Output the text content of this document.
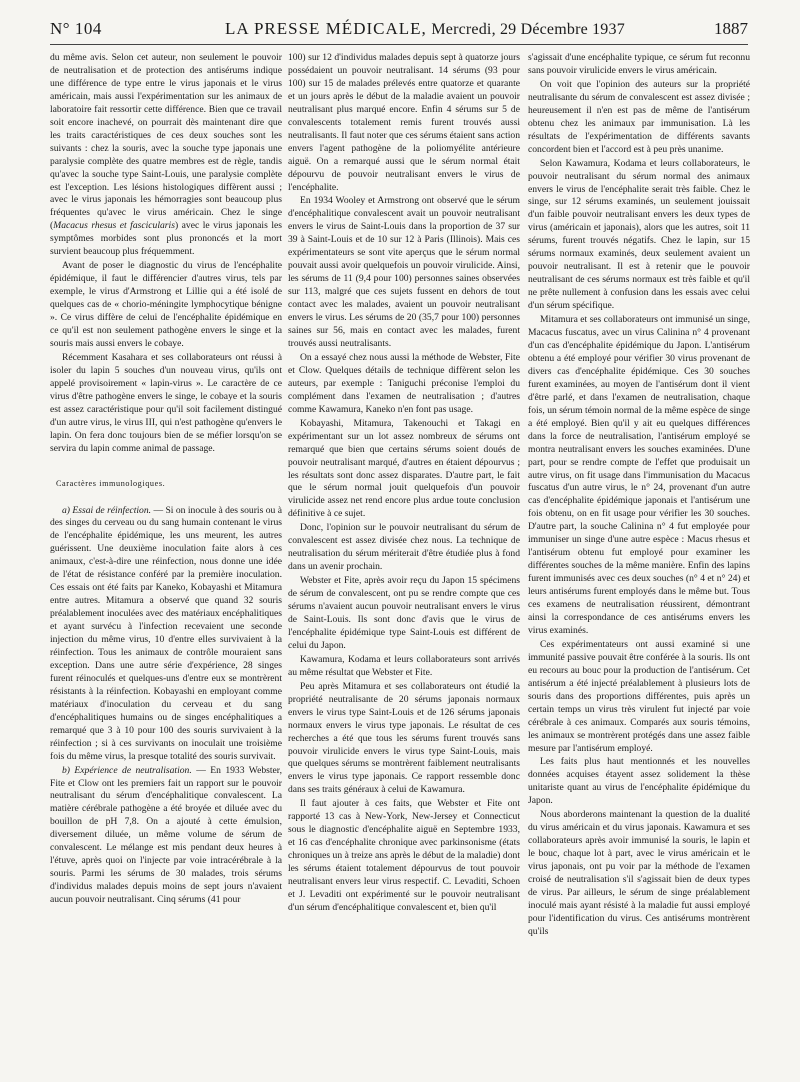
N° 104	LA PRESSE MÉDICALE, Mercredi, 29 Décembre 1937	1887

du même avis. Selon cet auteur, non seulement le pouvoir de neutralisation et de protection des antisérums indique une différence de type entre le virus japonais et le virus américain, mais aussi l'expérimentation sur les animaux de laboratoire fait ressortir cette différence. Bien que ce travail soit encore inachevé, on pourrait dès maintenant dire que les traits caractéristiques de ces deux souches sont les suivants : chez la souris, avec la souche type japonais une paralysie complète des quatre membres est de règle, tandis qu'avec la souche type Saint-Louis, une paralysie complète est l'exception. Les lésions histologiques diffèrent aussi ; avec le virus japonais les hémorragies sont beaucoup plus fréquentes qu'avec le virus américain. Chez le singe (Macacus rhesus et fascicularis) avec le virus japonais les symptômes morbides sont plus prononcés et la mort survient beaucoup plus fréquemment.

Avant de poser le diagnostic du virus de l'encéphalite épidémique, il faut le différencier d'autres virus, tels par exemple, le virus d'Armstrong et Lillie qui a été isolé de quelques cas de « chorio-méningite lymphocytique bénigne ». Ce virus diffère de celui de l'encéphalite épidémique en ce qu'il est non seulement pathogène envers le singe et la souris mais aussi envers le cobaye.

Récemment Kasahara et ses collaborateurs ont réussi à isoler du lapin 5 souches d'un nouveau virus, qu'ils ont appelé provisoirement « lapin-virus ». Le caractère de ce virus d'être pathogène envers le singe, le cobaye et la souris est assez caractéristique pour qu'il soit facilement distingué d'un autre virus, le virus III, qui n'est pathogène qu'envers le lapin. On fera donc toujours bien de se méfier lorsqu'on se servira du lapin comme animal de passage.

Caractères immunologiques.

a) Essai de réinfection. — Si on inocule à des souris ou à des singes du cerveau ou du sang humain contenant le virus de l'encéphalite épidémique, les uns meurent, les autres guérissent. Une deuxième inoculation faite alors à ces animaux, c'est-à-dire une réinfection, nous donne une idée de l'état de résistance conféré par la première inoculation. Ces essais ont été faits par Kaneko, Kobayashi et Mitamura entre autres. Mitamura a observé que quand 32 souris préalablement inoculées avec des matériaux encéphalitiques et ayant survécu à l'infection recevaient une seconde injection du même virus, 10 d'entre elles survivaient à la réinfection. Tous les animaux de contrôle mouraient sans exception. Dans une autre série d'expérience, 28 singes furent réinoculés et quelques-uns d'entre eux se montrèrent résistants à la réinfection. Kobayashi en employant comme matériaux d'inoculation du cerveau et du sang d'encéphalitiques humains ou de singes encéphalitiques a remarqué que 3 à 10 pour 100 des souris survivaient à la réinfection ; si à ces survivants on inoculait une troisième fois du même virus, la presque totalité des souris survivait.

b) Expérience de neutralisation. — En 1933 Webster, Fite et Clow ont les premiers fait un rapport sur le pouvoir neutralisant du sérum d'encéphalitique convalescent. La matière cérébrale pathogène a été broyée et diluée avec du bouillon de pH 7,8. On a ajouté à cette émulsion, diversement diluée, un même volume de sérum de convalescent. Le mélange est mis pendant deux heures à l'étuve, après quoi on l'injecte par voie intracérébrale à la souris. Parmi les sérums de 30 malades, trois sérums d'individus malades depuis moins de sept jours n'avaient aucun pouvoir neutralisant. Cinq sérums (41 pour

100) sur 12 d'individus malades depuis sept à quatorze jours possédaient un pouvoir neutralisant. 14 sérums (93 pour 100) sur 15 de malades prélevés entre quatorze et quarante et un jours après le début de la maladie avaient un pouvoir neutralisant plus marqué encore. Enfin 4 sérums sur 5 de convalescents totalement remis furent trouvés aussi neutralisants. Il faut noter que ces sérums étaient sans action envers l'agent pathogène de la poliomyélite antérieure aiguë. On a remarqué aussi que le sérum normal était dépourvu de pouvoir neutralisant envers le virus de l'encéphalite.

En 1934 Wooley et Armstrong ont observé que le sérum d'encéphalitique convalescent avait un pouvoir neutralisant envers le virus de Saint-Louis dans la proportion de 37 sur 39 à Saint-Louis et de 10 sur 12 à Paris (Illinois). Mais ces expérimentateurs se sont vite aperçus que le sérum normal pouvait aussi avoir quelquefois un pouvoir virulicide. Ainsi, les sérums de 11 (9,4 pour 100) personnes saines observées sur 113, malgré que ces sujets fussent en dehors de tout contact avec les malades, avaient un pouvoir neutralisant envers le virus. Les sérums de 20 (35,7 pour 100) personnes saines sur 56, mais en contact avec les malades, furent trouvés aussi neutralisants.

On a essayé chez nous aussi la méthode de Webster, Fite et Clow. Quelques détails de technique diffèrent selon les auteurs, par exemple : Taniguchi préconise l'emploi du complément dans l'examen de neutralisation ; d'autres comme Kawamura, Kaneko n'en font pas usage.

Kobayashi, Mitamura, Takenouchi et Takagi en expérimentant sur un lot assez nombreux de sérums ont remarqué que bien que certains sérums soient doués de pouvoir neutralisant marqué, d'autres en étaient dépourvus ; les résultats sont donc assez disparates. D'autre part, le fait que le sérum normal jouit quelquefois d'un pouvoir virulicide assez net rend encore plus ardue toute conclusion définitive à ce sujet.

Donc, l'opinion sur le pouvoir neutralisant du sérum de convalescent est assez divisée chez nous. La technique de neutralisation du sérum mériterait d'être étudiée plus à fond dans un avenir prochain.

Webster et Fite, après avoir reçu du Japon 15 spécimens de sérum de convalescent, ont pu se rendre compte que ces sérums n'avaient aucun pouvoir neutralisant envers le virus de Saint-Louis. Ils sont donc d'avis que le virus de l'encéphalite épidémique type Saint-Louis est différent de celui du Japon.

Kawamura, Kodama et leurs collaborateurs sont arrivés au même résultat que Webster et Fite.

Peu après Mitamura et ses collaborateurs ont étudié la propriété neutralisante de 20 sérums japonais normaux envers le virus type Saint-Louis et de 126 sérums japonais normaux envers le virus type japonais. Le résultat de ces recherches a été que tous les sérums furent trouvés sans pouvoir virulicide envers le virus type Saint-Louis, mais que quelques sérums se montrèrent faiblement neutralisants envers le virus type japonais. Ce rapport ressemble donc dans ses traits généraux à celui de Kawamura.

Il faut ajouter à ces faits, que Webster et Fite ont rapporté 13 cas à New-York, New-Jersey et Connecticut sous le diagnostic d'encéphalite aiguë en Septembre 1933, et 16 cas d'encéphalite chronique avec parkinsonisme (états chroniques un à treize ans après le début de la maladie) dont les sérums étaient totalement dépourvus de tout pouvoir neutralisant envers leur virus respectif. C. Levaditi, Schoen et J. Levaditi ont expérimenté sur le pouvoir neutralisant d'un sérum d'encéphalitique convalescent et, bien qu'il

s'agissait d'une encéphalite typique, ce sérum fut reconnu sans pouvoir virulicide envers le virus américain.

On voit que l'opinion des auteurs sur la propriété neutralisante du sérum de convalescent est assez divisée ; heureusement il n'en est pas de même de l'antisérum obtenu chez les animaux par immunisation. Là les résultats de l'expérimentation de différents savants concordent bien et l'accord est à peu près unanime.

Selon Kawamura, Kodama et leurs collaborateurs, le pouvoir neutralisant du sérum normal des animaux envers le virus de l'encéphalite serait très faible. Chez le singe, sur 12 sérums examinés, un seulement jouissait d'un faible pouvoir neutralisant envers les deux types de virus (américain et japonais), alors que les autres, soit 11 sérums, furent trouvés négatifs. Chez le lapin, sur 15 sérums normaux examinés, deux seulement avaient un pouvoir neutralisant. Il est à retenir que le pouvoir neutralisant de ces sérums normaux est très faible et qu'il ne prête nullement à confusion dans les essais avec celui d'un sérum spécifique.

Mitamura et ses collaborateurs ont immunisé un singe, Macacus fuscatus, avec un virus Calinina n° 4 provenant d'un cas d'encéphalite épidémique du Japon. L'antisérum obtenu a été employé pour vérifier 30 virus provenant de divers cas d'encéphalite épidémique. Ces 30 souches furent examinées, au moyen de l'antisérum dont il vient d'être parlé, et dans l'examen de neutralisation, chaque fois, un sérum témoin normal de la même espèce de singe a été employé. Bien qu'il y ait eu quelques différences dans la force de neutralisation, l'antisérum employé se montra neutralisant envers les souches examinées. D'une part, pour se rendre compte de l'effet que produisait un autre virus, on fit usage dans l'immunisation du Macacus fuscatus d'un autre virus, le n° 24, provenant d'un autre cas d'encéphalite épidémique japonais et l'antisérum une fois obtenu, on en fit usage pour vérifier les 30 souches. D'autre part, la souche Calinina n° 4 fut employée pour immuniser un singe d'une autre espèce : Macus rhesus et l'antisérum obtenu fut employé pour examiner les différentes souches de la même manière. Enfin des lapins furent immunisés avec ces deux souches (n° 4 et n° 24) et leurs antisérums furent employés dans le même but. Tous ces examens de neutralisation réussirent, démontrant ainsi la correspondance de ces antisérums envers les virus examinés.

Ces expérimentateurs ont aussi examiné si une immunité passive pouvait être conférée à la souris. Ils ont eu recours au bouc pour la production de l'antisérum. Cet antisérum a été injecté préalablement à plusieurs lots de souris dans des proportions différentes, puis après un certain temps un virus très virulent fut injecté par voie cérébrale à ces animaux. Comparés aux souris témoins, les animaux se montrèrent protégés dans une assez faible mesure par l'antisérum employé.

Les faits plus haut mentionnés et les nouvelles données acquises étayent assez solidement la thèse unitariste quant au virus de l'encéphalite épidémique du Japon.

Nous aborderons maintenant la question de la dualité du virus américain et du virus japonais. Kawamura et ses collaborateurs après avoir immunisé la souris, le lapin et le bouc, chaque lot à part, avec le virus américain et le virus japonais, ont pu voir par la méthode de l'examen croisé de neutralisation s'il s'agissait bien de deux types de virus. Par ailleurs, le sérum de singe préalablement inoculé mais ayant résisté à la maladie fut aussi employé pour l'identification du virus. Ces antisérums montrèrent qu'ils
